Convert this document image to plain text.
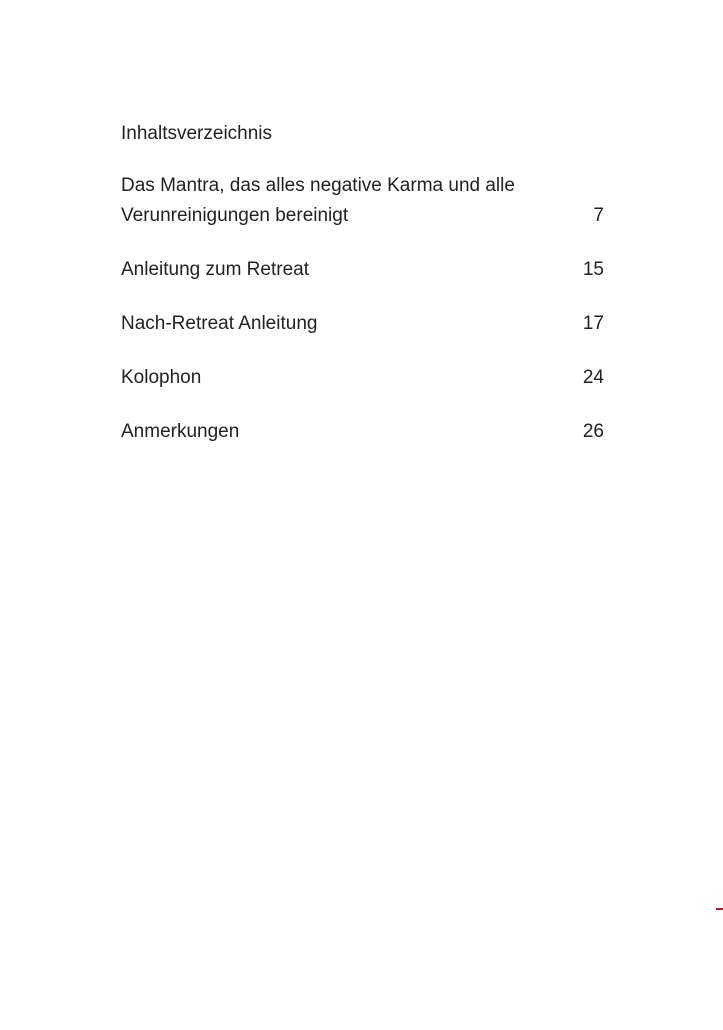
Inhaltsverzeichnis
Das Mantra, das alles negative Karma und alle Verunreinigungen bereinigt	7
Anleitung zum Retreat	15
Nach-Retreat Anleitung	17
Kolophon	24
Anmerkungen	26
